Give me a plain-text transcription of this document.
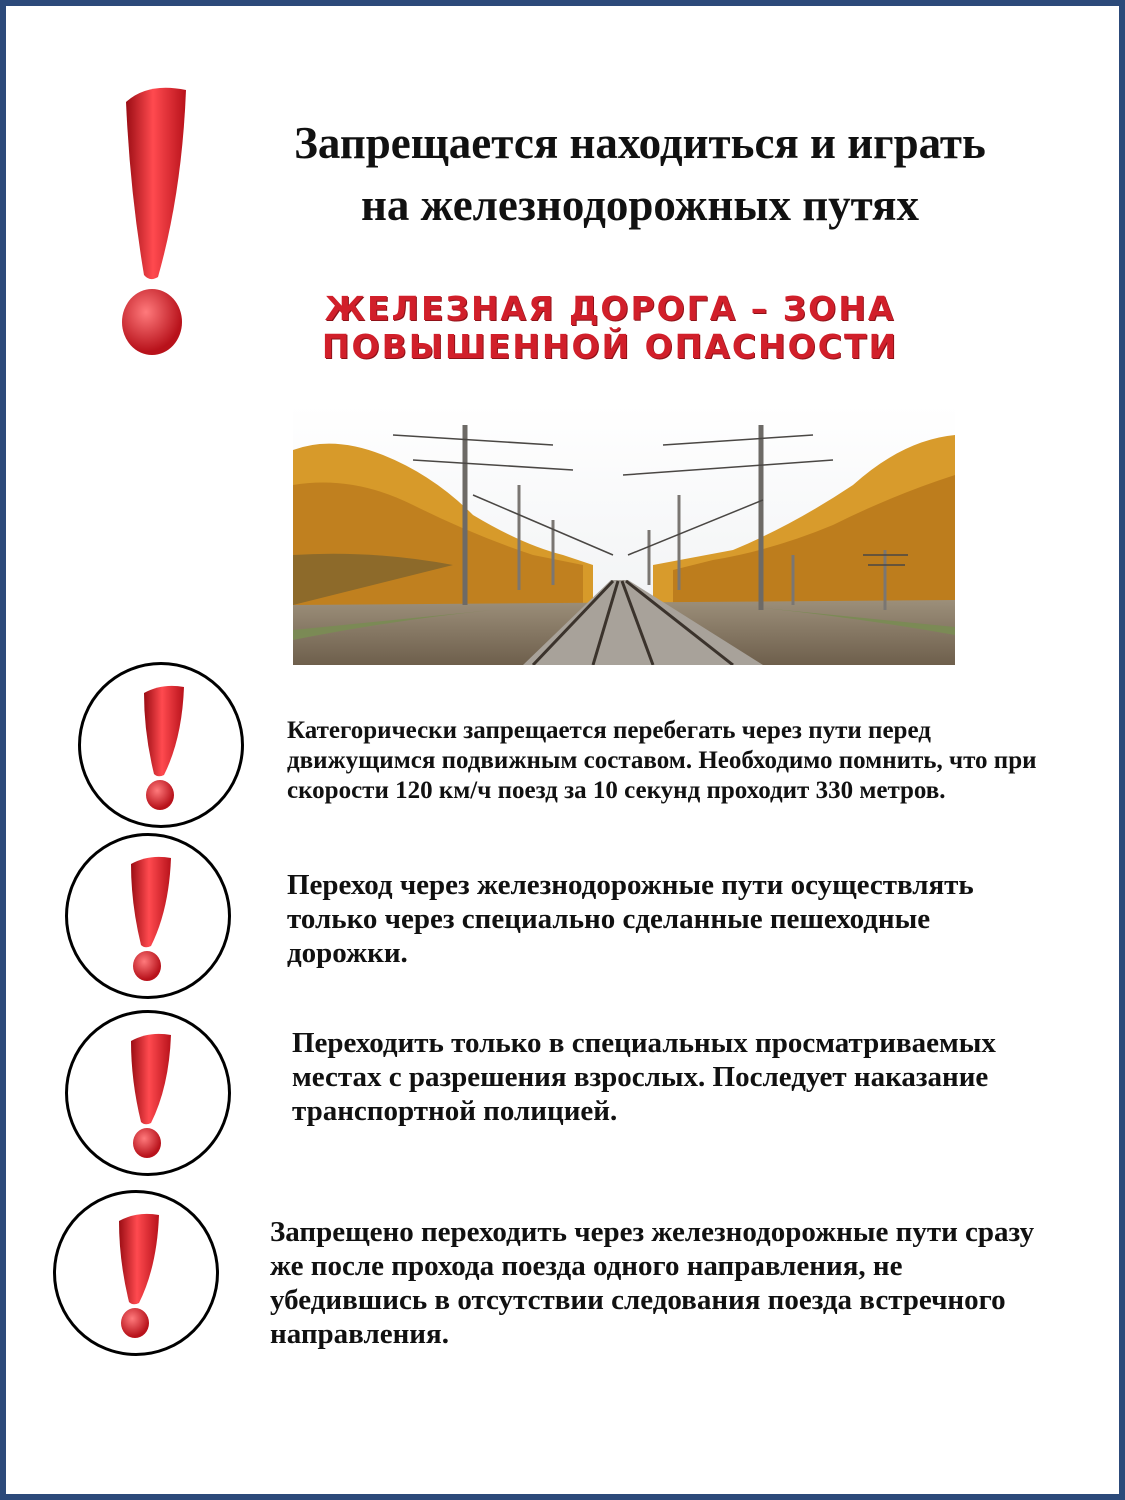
Запрещается находиться и играть
на железнодорожных путях
ЖЕЛЕЗНАЯ ДОРОГА – ЗОНА
ПОВЫШЕННОЙ ОПАСНОСТИ
Категорически запрещается перебегать через пути перед движущимся подвижным составом. Необходимо помнить, что при скорости 120 км/ч поезд за 10 секунд проходит 330 метров.
Переход через железнодорожные пути осуществлять только через специально сделанные пешеходные дорожки.
Переходить только в специальных просматриваемых местах с разрешения взрослых. Последует наказание транспортной полицией.
Запрещено переходить через железнодорожные пути сразу же после прохода поезда одного направления, не убедившись в отсутствии следования поезда встречного направления.
